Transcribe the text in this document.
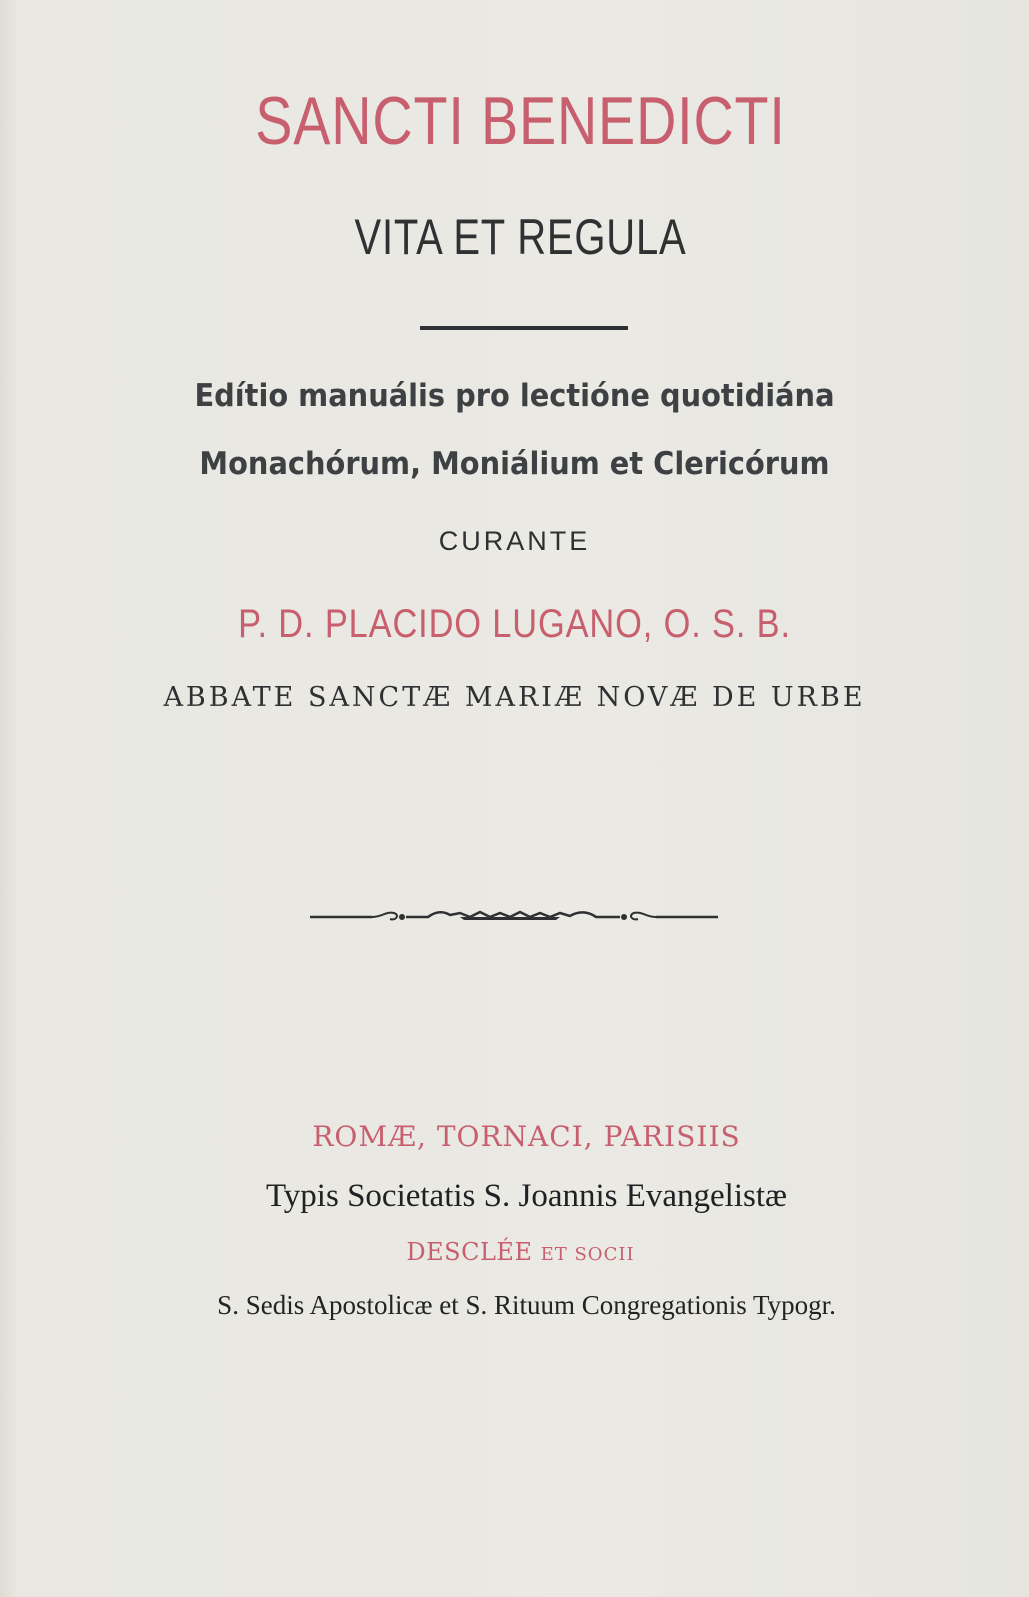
SANCTI BENEDICTI
VITA ET REGULA
Edítio manuális pro lectióne quotidiána
Monachórum, Moniálium et Clericórum
CURANTE
P. D. PLACIDO LUGANO, O. S. B.
ABBATE SANCTÆ MARIÆ NOVÆ DE URBE
ROMÆ, TORNACI, PARISIIS
Typis Societatis S. Joannis Evangelistæ
DESCLÉE ET SOCII
S. Sedis Apostolicæ et S. Rituum Congregationis Typogr.
